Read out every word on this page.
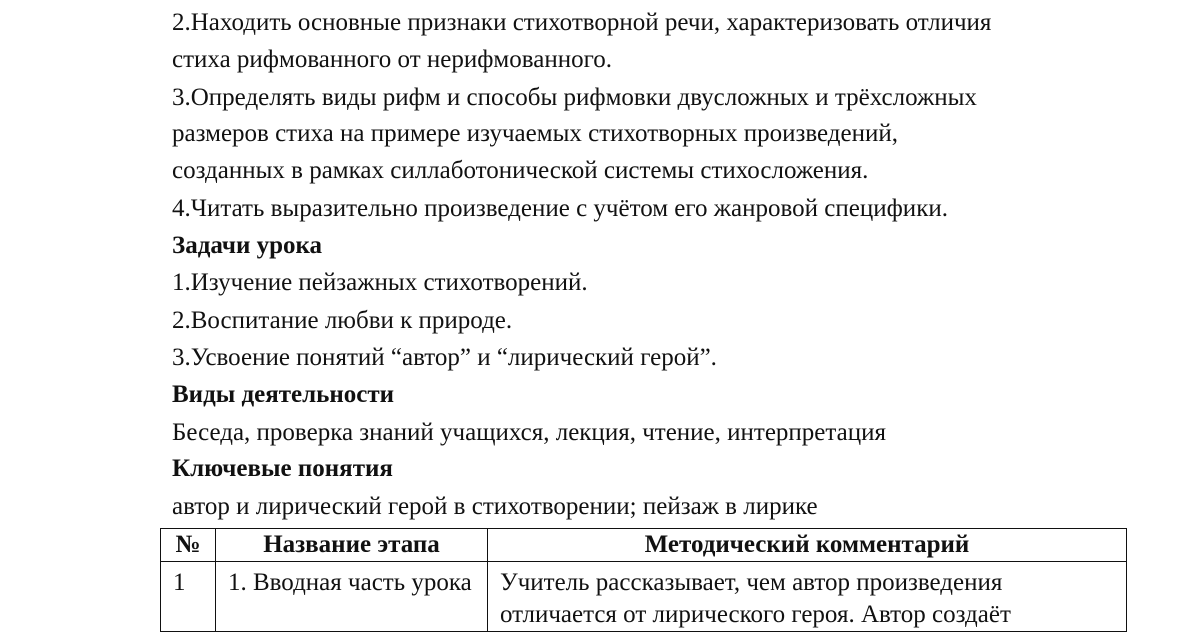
2.Находить основные признаки стихотворной речи, характеризовать отличия
стиха рифмованного от нерифмованного.
3.Определять виды рифм и способы рифмовки двусложных и трёхсложных
размеров стиха на примере изучаемых стихотворных произведений,
созданных в рамках силлаботонической системы стихосложения.
4.Читать выразительно произведение с учётом его жанровой специфики.
Задачи урока
1.Изучение пейзажных стихотворений.
2.Воспитание любви к природе.
3.Усвоение понятий “автор” и “лирический герой”.
Виды деятельности
Беседа, проверка знаний учащихся, лекция, чтение, интерпретация
Ключевые понятия
автор и лирический герой в стихотворении; пейзаж в лирике
№	Название этапа	Методический комментарий
1	1. Вводная часть урока	Учитель рассказывает, чем автор произведения отличается от лирического героя. Автор создаёт
